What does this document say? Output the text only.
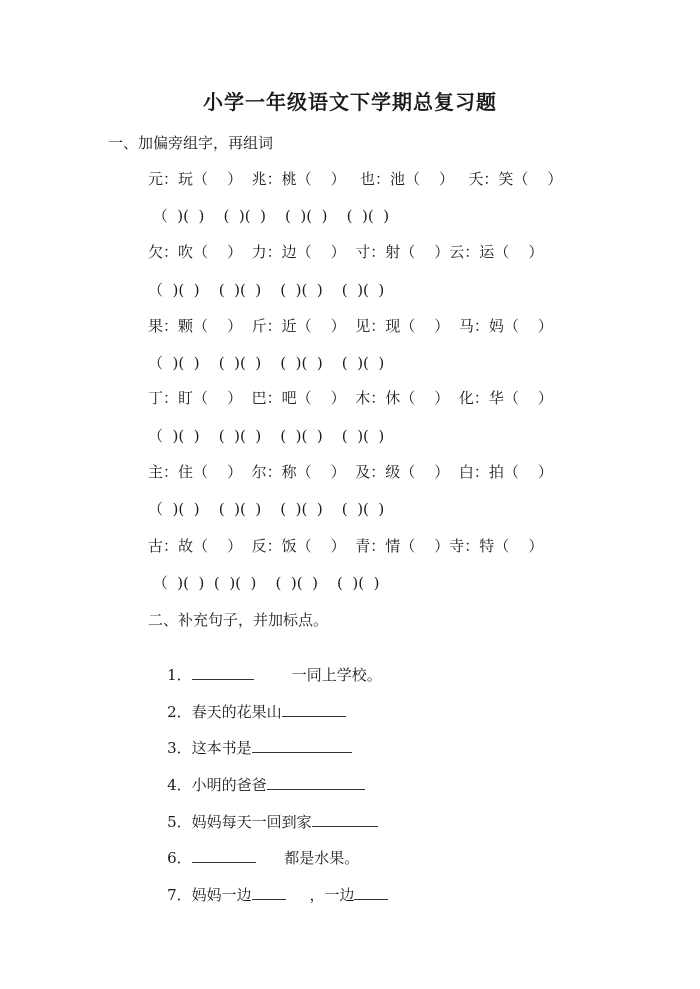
小学一年级语文下学期总复习题
一、加偏旁组字，再组词
元：玩（    ）  兆：桃（    ）   也：池（    ）   夭：笑（    ）
（  )(  )    (  )(  )    (  )(  )    (  )(  )
欠：吹（    ）  力：边（    ）  寸：射（    ）云：运（    ）
（  )(  )    (  )(  )    (  )(  )    (  )(  )
果：颗（    ）  斤：近（    ）  见：现（    ）  马：妈（    ）
（  )(  )    (  )(  )    (  )(  )    (  )(  )
丁：盯（    ）  巴：吧（    ）  木：休（    ）  化：华（    ）
（  )(  )    (  )(  )    (  )(  )    (  )(  )
主：住（    ）  尔：称（    ）  及：级（    ）  白：拍（    ）
（  )(  )    (  )(  )    (  )(  )    (  )(  )
古：故（    ）  反：饭（    ）  青：情（    ）寺：特（    ）
（  )(  )  (  )(  )    (  )(  )    (  )(  )
二、补充句子，并加标点。

1．	一同上学校。

2．春天的花果山

3．这本书是

4．小明的爸爸

5．妈妈每天一回到家

6．	都是水果。

7．妈妈一边     ，一边
